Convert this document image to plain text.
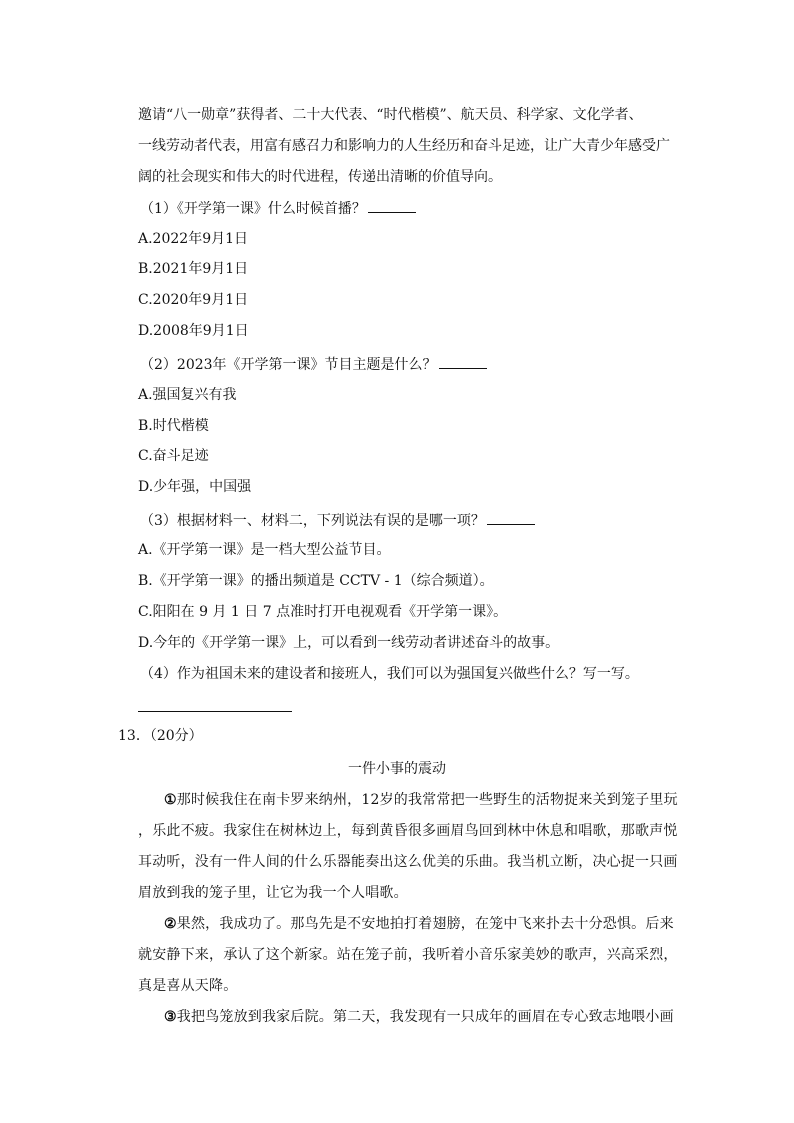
邀请“八一勋章”获得者、二十大代表、“时代楷模”、航天员、科学家、文化学者、
一线劳动者代表，用富有感召力和影响力的人生经历和奋斗足迹，让广大青少年感受广
阔的社会现实和伟大的时代进程，传递出清晰的价值导向。
（1）《开学第一课》什么时候首播？
A.2022年9月1日
B.2021年9月1日
C.2020年9月1日
D.2008年9月1日
（2）2023年《开学第一课》节目主题是什么？
A.强国复兴有我
B.时代楷模
C.奋斗足迹
D.少年强，中国强
（3）根据材料一、材料二，下列说法有误的是哪一项？
A.《开学第一课》是一档大型公益节目。
B.《开学第一课》的播出频道是 CCTV - 1（综合频道）。
C.阳阳在 9 月 1 日 7 点准时打开电视观看《开学第一课》。
D.今年的《开学第一课》上，可以看到一线劳动者讲述奋斗的故事。
（4）作为祖国未来的建设者和接班人，我们可以为强国复兴做些什么？写一写。
13．（20分）
一件小事的震动
①那时候我住在南卡罗来纳州，12岁的我常常把一些野生的活物捉来关到笼子里玩
，乐此不疲。我家住在树林边上，每到黄昏很多画眉鸟回到林中休息和唱歌，那歌声悦
耳动听，没有一件人间的什么乐器能奏出这么优美的乐曲。我当机立断，决心捉一只画
眉放到我的笼子里，让它为我一个人唱歌。
②果然，我成功了。那鸟先是不安地拍打着翅膀，在笼中飞来扑去十分恐惧。后来
就安静下来，承认了这个新家。站在笼子前，我听着小音乐家美妙的歌声，兴高采烈，
真是喜从天降。
③我把鸟笼放到我家后院。第二天，我发现有一只成年的画眉在专心致志地喂小画
